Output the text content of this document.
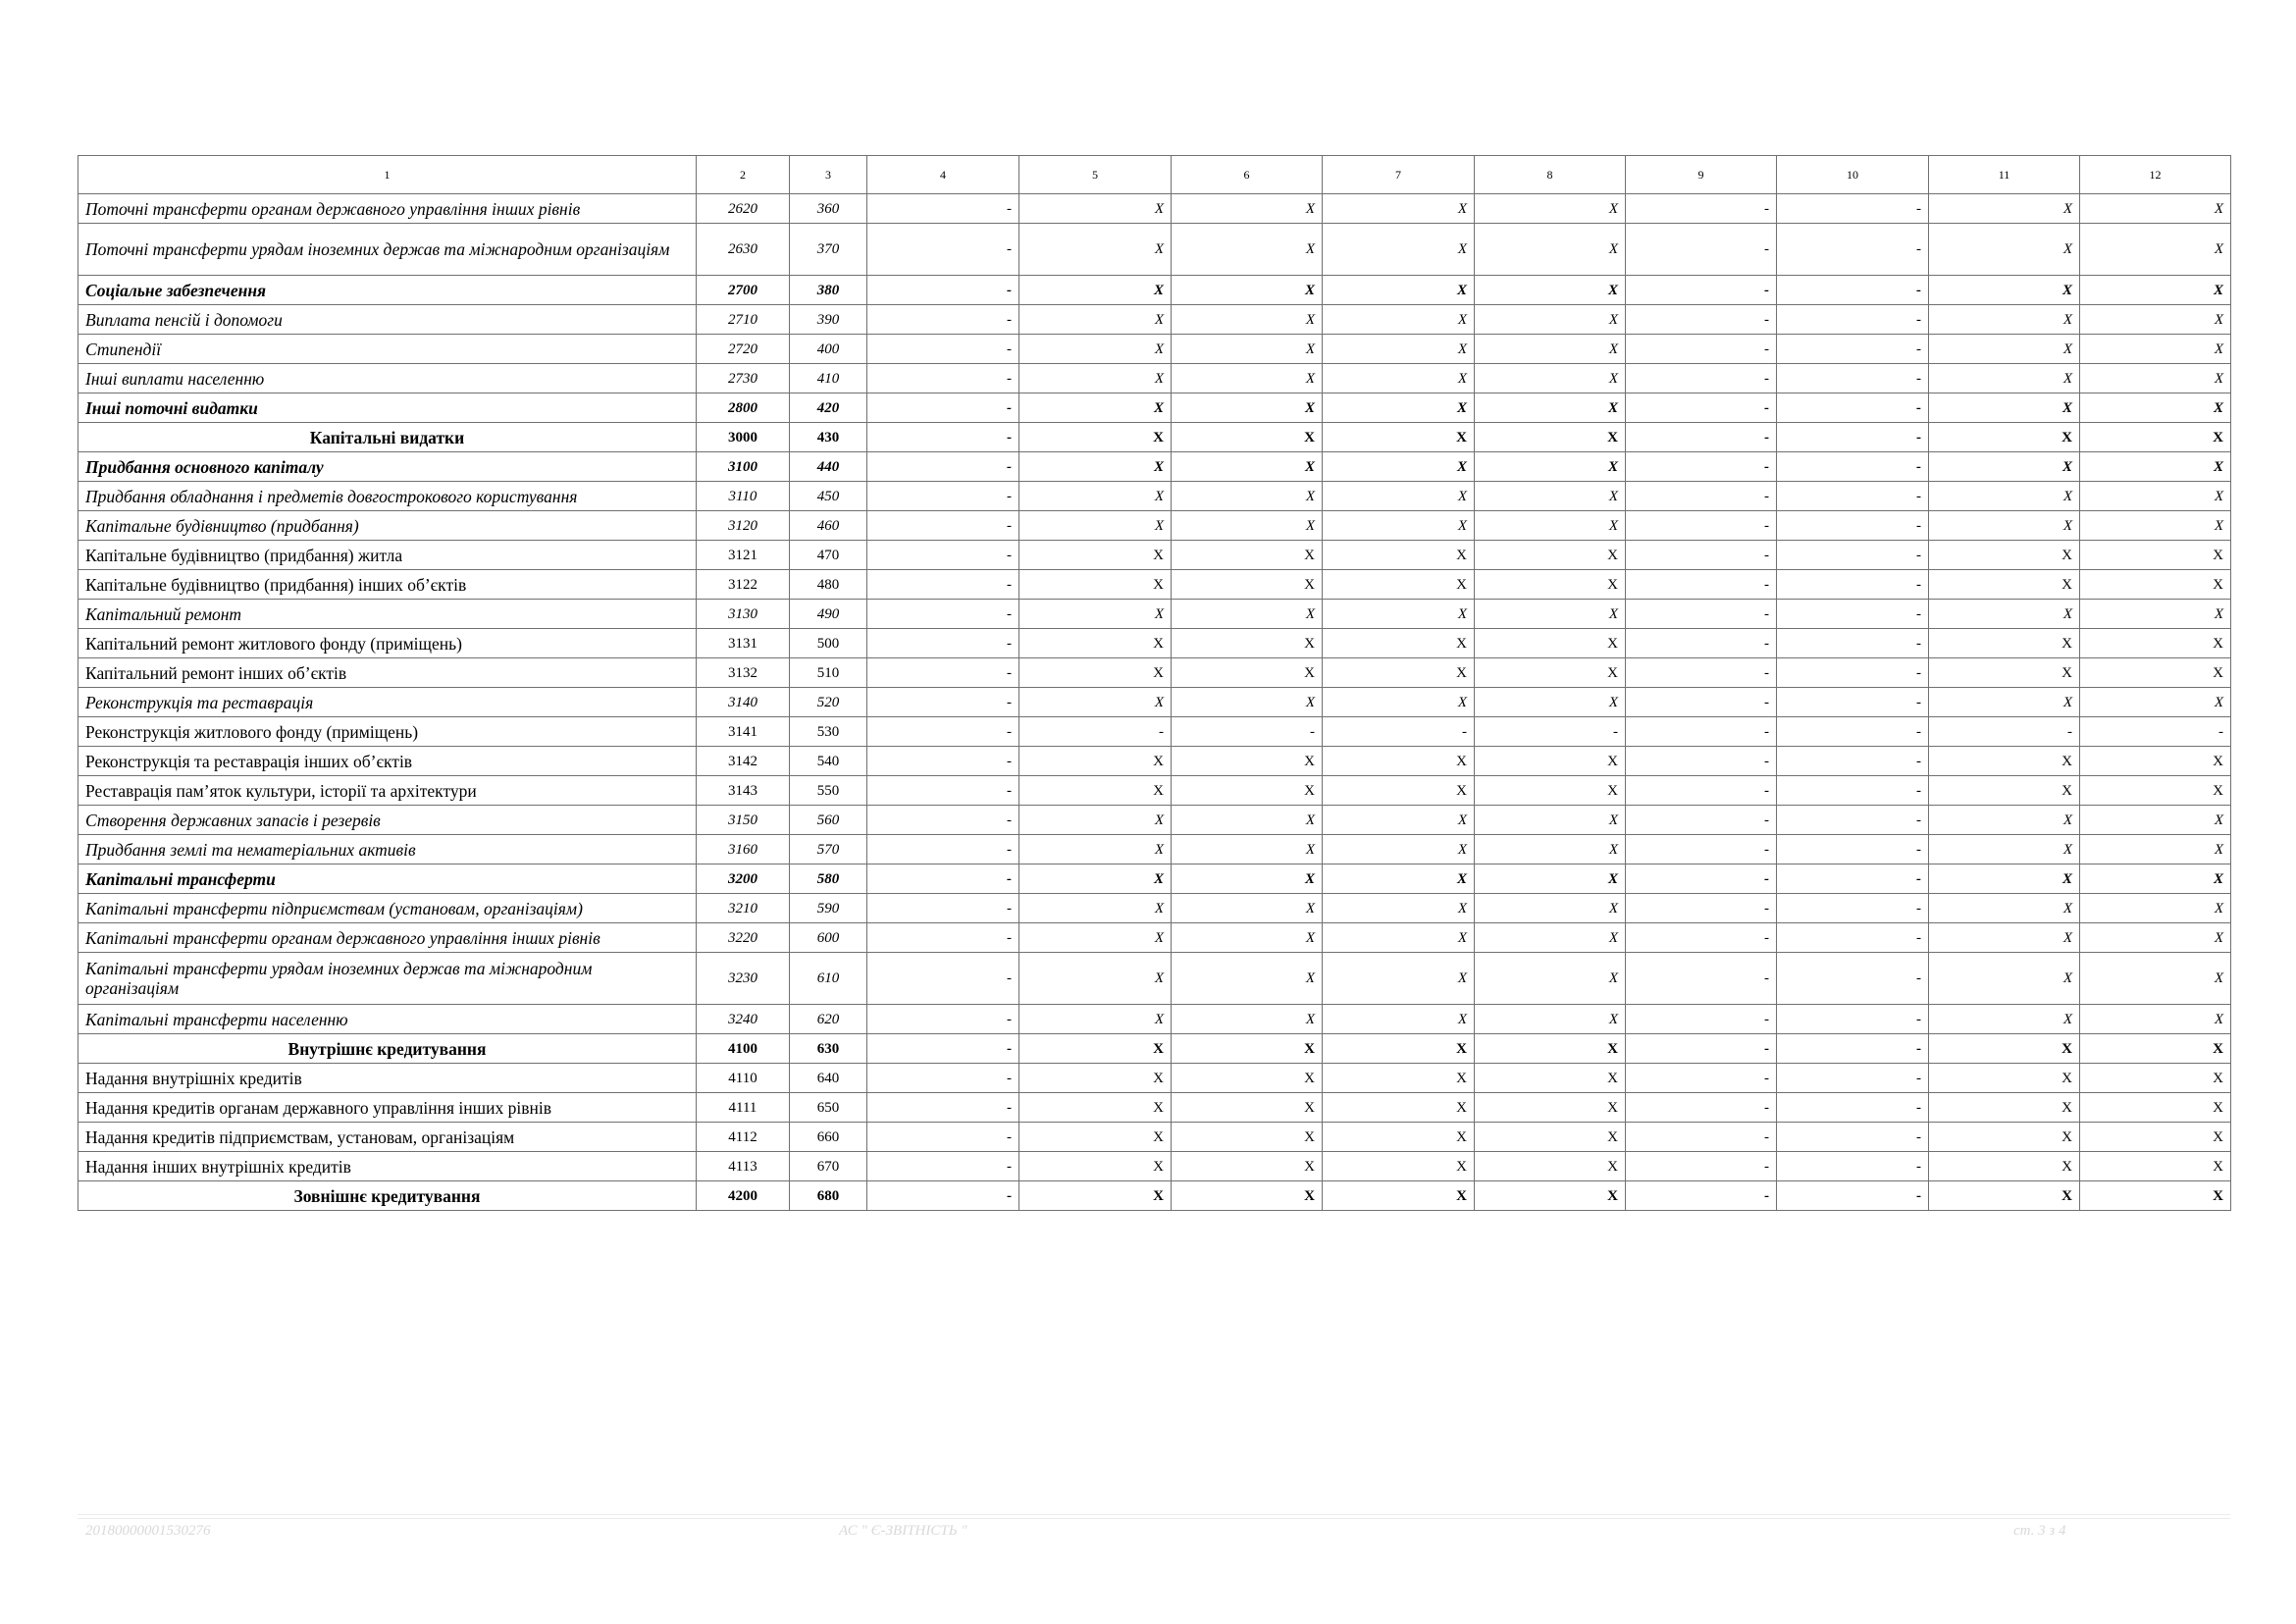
1	2	3	4	5	6	7	8	9	10	11	12
Поточні трансферти органам державного управління інших рівнів	2620	360	-	X	X	X	X	-	-	X	X
Поточні трансферти урядам іноземних держав та міжнародним організаціям	2630	370	-	X	X	X	X	-	-	X	X
Соціальне забезпечення	2700	380	-	X	X	X	X	-	-	X	X
Виплата пенсій і допомоги	2710	390	-	X	X	X	X	-	-	X	X
Стипендії	2720	400	-	X	X	X	X	-	-	X	X
Інші виплати населенню	2730	410	-	X	X	X	X	-	-	X	X
Інші поточні видатки	2800	420	-	X	X	X	X	-	-	X	X
Капітальні видатки	3000	430	-	X	X	X	X	-	-	X	X
Придбання основного капіталу	3100	440	-	X	X	X	X	-	-	X	X
Придбання обладнання і предметів довгострокового користування	3110	450	-	X	X	X	X	-	-	X	X
Капітальне будівництво (придбання)	3120	460	-	X	X	X	X	-	-	X	X
Капітальне будівництво (придбання) житла	3121	470	-	X	X	X	X	-	-	X	X
Капітальне будівництво (придбання) інших об’єктів	3122	480	-	X	X	X	X	-	-	X	X
Капітальний ремонт	3130	490	-	X	X	X	X	-	-	X	X
Капітальний ремонт житлового фонду (приміщень)	3131	500	-	X	X	X	X	-	-	X	X
Капітальний ремонт інших об’єктів	3132	510	-	X	X	X	X	-	-	X	X
Реконструкція та реставрація	3140	520	-	X	X	X	X	-	-	X	X
Реконструкція житлового фонду (приміщень)	3141	530	-	-	-	-	-	-	-	-	-
Реконструкція та реставрація інших об’єктів	3142	540	-	X	X	X	X	-	-	X	X
Реставрація пам’яток культури, історії та архітектури	3143	550	-	X	X	X	X	-	-	X	X
Створення державних запасів і резервів	3150	560	-	X	X	X	X	-	-	X	X
Придбання землі та нематеріальних активів	3160	570	-	X	X	X	X	-	-	X	X
Капітальні трансферти	3200	580	-	X	X	X	X	-	-	X	X
Капітальні трансферти підприємствам (установам, організаціям)	3210	590	-	X	X	X	X	-	-	X	X
Капітальні трансферти органам державного управління інших рівнів	3220	600	-	X	X	X	X	-	-	X	X
Капітальні трансферти урядам іноземних держав та міжнародним організаціям	3230	610	-	X	X	X	X	-	-	X	X
Капітальні трансферти населенню	3240	620	-	X	X	X	X	-	-	X	X
Внутрішнє кредитування	4100	630	-	X	X	X	X	-	-	X	X
Надання внутрішніх кредитів	4110	640	-	X	X	X	X	-	-	X	X
Надання кредитів органам державного управління інших рівнів	4111	650	-	X	X	X	X	-	-	X	X
Надання кредитів підприємствам, установам, організаціям	4112	660	-	X	X	X	X	-	-	X	X
Надання інших внутрішніх кредитів	4113	670	-	X	X	X	X	-	-	X	X
Зовнішнє кредитування	4200	680	-	X	X	X	X	-	-	X	X
20180000001530276	АС " Є-ЗВІТНІСТЬ "	ст. 3 з 4
